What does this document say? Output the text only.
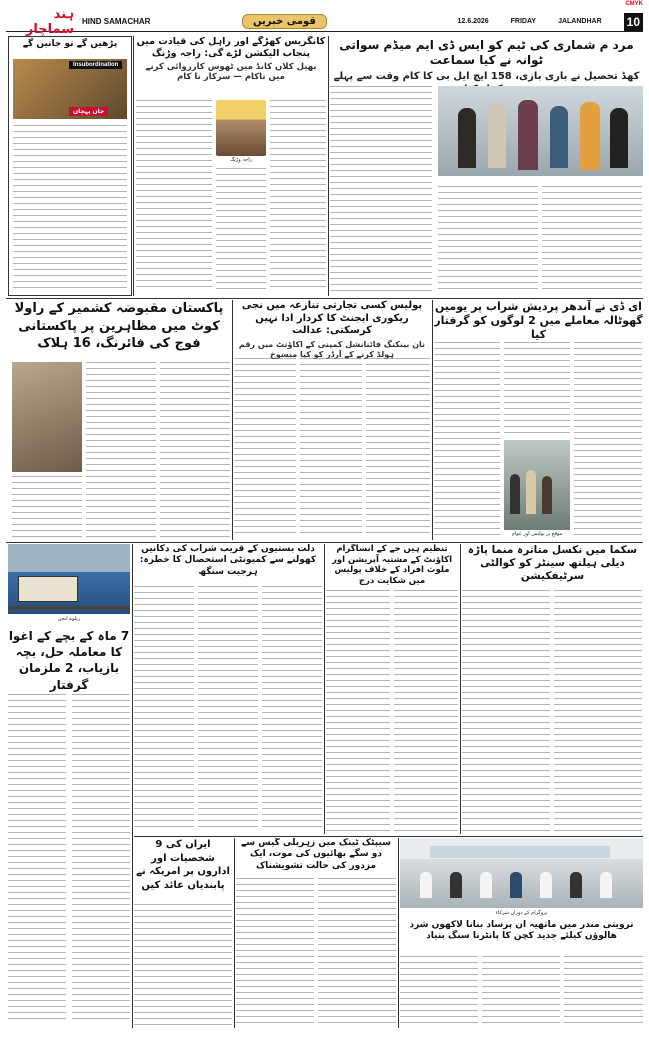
CMYK
ہند سماچار HIND SAMACHAR	قومی خبریں	12.6.2026	FRIDAY	JALANDHAR 10
مرد م شماری کی ٹیم کو ایس ڈی ایم میڈم سواتی ٹوانہ نے کیا سماعت
کھڈ تحصیل نے باری بازی، 158 ایچ ایل بی کا کام وقت سے پہلے
کانگریس کھڑگے اور راہل کی قیادت میں پنجاب الیکشن لڑے گی: راجہ وڑنگ
بھیل کلاں کانڈ میں ٹھوس کارروائی کرنے میں ناکام — سرکار نا کام
راجہ وڑنگ
پڑھیں گے تو جانیں گے
Insubordination
جان پہچان
ای ڈی نے آندھر پردیش شراب پر یومین گھوٹالہ معاملے میں 2 لوگوں کو گرفتار کیا
موقع پر پولیس اور عوام
پولیس کسی تجارتی تنازعہ میں نجی ریکوری ایجنٹ کا کردار ادا نہیں کرسکتی: عدالت
نان بینکنگ فائنانشل کمپنی کے اکاؤنٹ میں رقم ہولڈ کرنے کے آرڈر کو کیا منسوخ
پاکستان مقبوضہ کشمیر کے راولا کوٹ میں مظاہرین پر پاکستانی فوج کی فائرنگ، 16 ہلاک
سکما میں نکسل متاثرہ منما پاڑہ دیلی ہیلتھ سینٹر کو کوالٹی سرٹیفکیشن
تنظیم ہیں جے کے انساگرام اکاؤنٹ کے مشتبہ آپریشن اور ملوث افراد کے خلاف پولیس میں شکایت درج
دلت بستیوں کے قریب شراب کی دکانیں کھولنے سے کمیونٹی استحصال کا خطرہ: ہرجیت سنگھ
ریلوے انجن
7 ماہ کے بچے کے اغوا کا معاملہ حل، بچہ بازیاب، 2 ملزمان گرفتار
ایران کی 9 شخصیات اور اداروں پر امریکہ نے پابندیاں عائد کیں
سیپٹک ٹینک میں زہریلی گیس سے دو سگے بھائیوں کی موت، ایک مزدور کی حالت تشویشناک
پروگرام کے دوران شرکاء
ترویتی مندر میں ماتھیہ ان پرساد بنانا لاکھوں شرد ھالوؤں کیلئے جدید کچن کا پانٹرنا سنگ بنیاد
